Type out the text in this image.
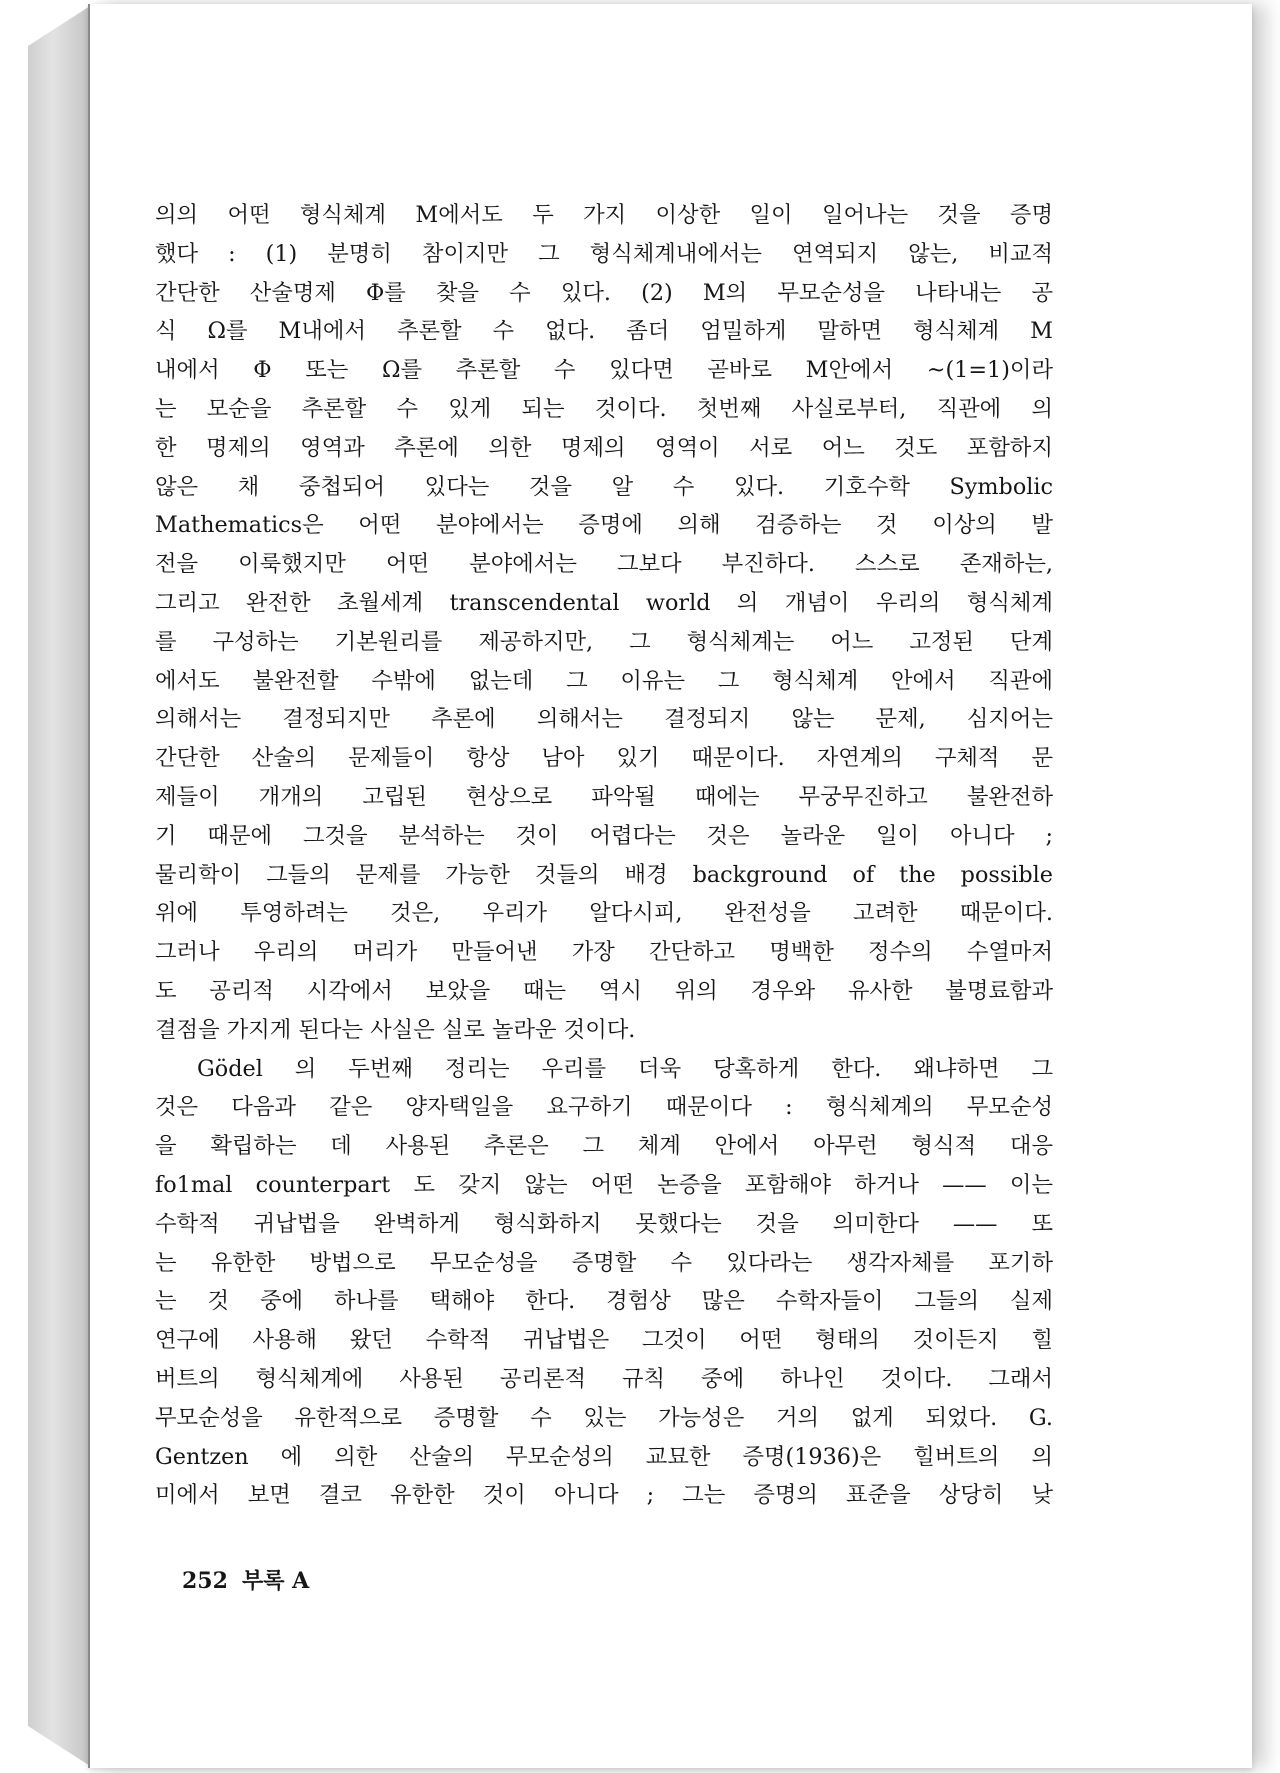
의의 어떤 형식체계 M에서도 두 가지 이상한 일이 일어나는 것을 증명
했다 : (1) 분명히 참이지만 그 형식체계내에서는 연역되지 않는, 비교적
간단한 산술명제 Φ를 찾을 수 있다. (2) M의 무모순성을 나타내는 공
식 Ω를 M내에서 추론할 수 없다. 좀더 엄밀하게 말하면 형식체계 M
내에서 Φ 또는 Ω를 추론할 수 있다면 곧바로 M안에서 ~(1=1)이라
는 모순을 추론할 수 있게 되는 것이다. 첫번째 사실로부터, 직관에 의
한 명제의 영역과 추론에 의한 명제의 영역이 서로 어느 것도 포함하지
않은 채 중첩되어 있다는 것을 알 수 있다. 기호수학 Symbolic
Mathematics은 어떤 분야에서는 증명에 의해 검증하는 것 이상의 발
전을 이룩했지만 어떤 분야에서는 그보다 부진하다. 스스로 존재하는,
그리고 완전한 초월세계 transcendental world 의 개념이 우리의 형식체계
를 구성하는 기본원리를 제공하지만, 그 형식체계는 어느 고정된 단계
에서도 불완전할 수밖에 없는데 그 이유는 그 형식체계 안에서 직관에
의해서는 결정되지만 추론에 의해서는 결정되지 않는 문제, 심지어는
간단한 산술의 문제들이 항상 남아 있기 때문이다. 자연계의 구체적 문
제들이 개개의 고립된 현상으로 파악될 때에는 무궁무진하고 불완전하
기 때문에 그것을 분석하는 것이 어렵다는 것은 놀라운 일이 아니다 ;
물리학이 그들의 문제를 가능한 것들의 배경 background of the possible
위에 투영하려는 것은, 우리가 알다시피, 완전성을 고려한 때문이다.
그러나 우리의 머리가 만들어낸 가장 간단하고 명백한 정수의 수열마저
도 공리적 시각에서 보았을 때는 역시 위의 경우와 유사한 불명료함과
결점을 가지게 된다는 사실은 실로 놀라운 것이다.
Gödel 의 두번째 정리는 우리를 더욱 당혹하게 한다. 왜냐하면 그
것은 다음과 같은 양자택일을 요구하기 때문이다 : 형식체계의 무모순성
을 확립하는 데 사용된 추론은 그 체계 안에서 아무런 형식적 대응
fo1mal counterpart 도 갖지 않는 어떤 논증을 포함해야 하거나 —— 이는
수학적 귀납법을 완벽하게 형식화하지 못했다는 것을 의미한다 —— 또
는 유한한 방법으로 무모순성을 증명할 수 있다라는 생각자체를 포기하
는 것 중에 하나를 택해야 한다. 경험상 많은 수학자들이 그들의 실제
연구에 사용해 왔던 수학적 귀납법은 그것이 어떤 형태의 것이든지 힐
버트의 형식체계에 사용된 공리론적 규칙 중에 하나인 것이다. 그래서
무모순성을 유한적으로 증명할 수 있는 가능성은 거의 없게 되었다. G.
Gentzen 에 의한 산술의 무모순성의 교묘한 증명(1936)은 힐버트의 의
미에서 보면 결코 유한한 것이 아니다 ; 그는 증명의 표준을 상당히 낮
252 부록 A
